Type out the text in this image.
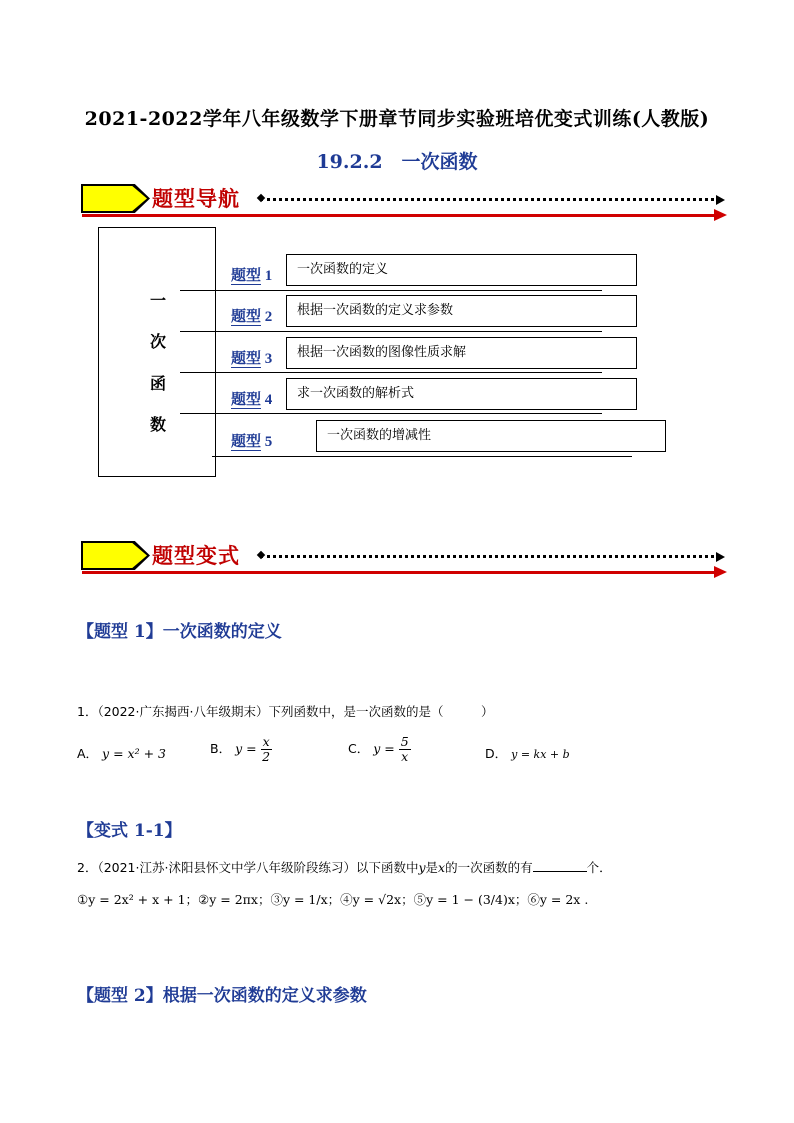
2021-2022学年八年级数学下册章节同步实验班培优变式训练(人教版)
19.2.2　一次函数
题型导航
一
次
函
数
题型 1	一次函数的定义
题型 2	根据一次函数的定义求参数
题型 3	根据一次函数的图像性质求解
题型 4	求一次函数的解析式
题型 5	一次函数的增减性
题型变式
【题型 1】一次函数的定义
1．（2022·广东揭西·八年级期末）下列函数中，是一次函数的是（　　　）
A． y = x² + 3	B． $y = \frac{x}{2}$	C． $y = \frac{5}{x}$	D． y = kx + b
【变式 1-1】
2．（2021·江苏·沭阳县怀文中学八年级阶段练习）以下函数中y是x的一次函数的有	个．
①y = 2x² + x + 1；②y = 2πx；③y = 1/x；④y = √2x；⑤y = 1 − (3/4)x；⑥y = 2x .
【题型 2】根据一次函数的定义求参数
